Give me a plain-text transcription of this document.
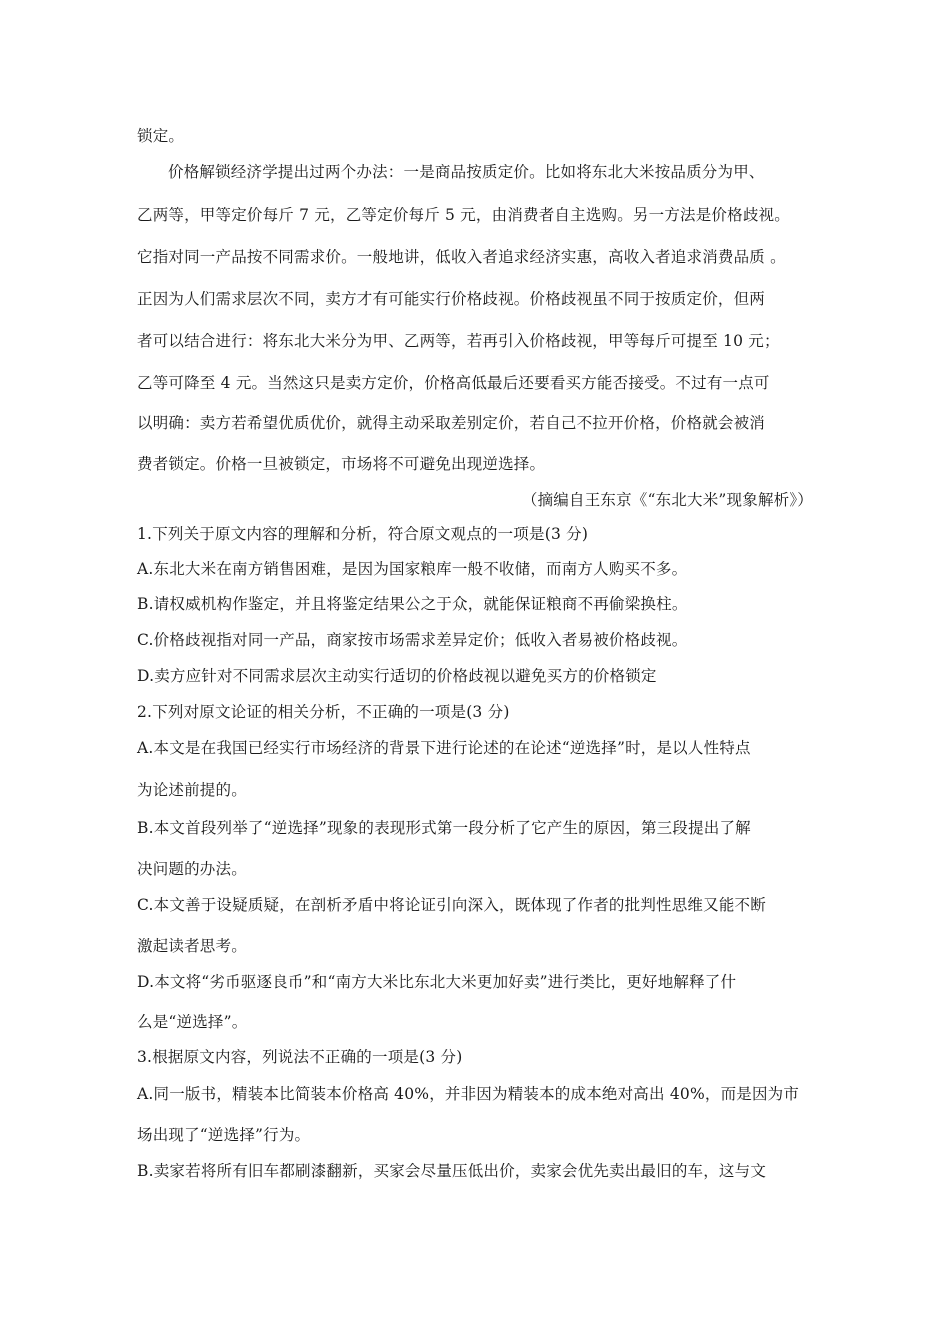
锁定。
价格解锁经济学提出过两个办法：一是商品按质定价。比如将东北大米按品质分为甲、
乙两等，甲等定价每斤 7 元，乙等定价每斤 5 元，由消费者自主选购。另一方法是价格歧视。
它指对同一产品按不同需求价。一般地讲，低收入者追求经济实惠，高收入者追求消费品质 。
正因为人们需求层次不同，卖方才有可能实行价格歧视。价格歧视虽不同于按质定价，但两
者可以结合进行：将东北大米分为甲、乙两等，若再引入价格歧视，甲等每斤可提至 10 元；
乙等可降至 4 元。当然这只是卖方定价，价格高低最后还要看买方能否接受。不过有一点可
以明确：卖方若希望优质优价，就得主动采取差别定价，若自己不拉开价格，价格就会被消
费者锁定。价格一旦被锁定，市场将不可避免出现逆选择。
（摘编自王东京《“东北大米”现象解析》）
1.下列关于原文内容的理解和分析，符合原文观点的一项是(3 分)
A.东北大米在南方销售困难，是因为国家粮库一般不收储，而南方人购买不多。
B.请权威机构作鉴定，并且将鉴定结果公之于众，就能保证粮商不再偷梁换柱。
C.价格歧视指对同一产品，商家按市场需求差异定价；低收入者易被价格歧视。
D.卖方应针对不同需求层次主动实行适切的价格歧视以避免买方的价格锁定
2.下列对原文论证的相关分析，不正确的一项是(3 分)
A.本文是在我国已经实行市场经济的背景下进行论述的在论述“逆选择”时，是以人性特点
为论述前提的。
B.本文首段列举了“逆选择”现象的表现形式第一段分析了它产生的原因，第三段提出了解
决问题的办法。
C.本文善于设疑质疑，在剖析矛盾中将论证引向深入，既体现了作者的批判性思维又能不断
激起读者思考。
D.本文将“劣币驱逐良币”和“南方大米比东北大米更加好卖”进行类比，更好地解释了什
么是“逆选择”。
3.根据原文内容，列说法不正确的一项是(3 分)
A.同一版书，精装本比简装本价格高 40%，并非因为精装本的成本绝对高出 40%，而是因为市
场出现了“逆选择”行为。
B.卖家若将所有旧车都刷漆翻新，买家会尽量压低出价，卖家会优先卖出最旧的车，这与文
